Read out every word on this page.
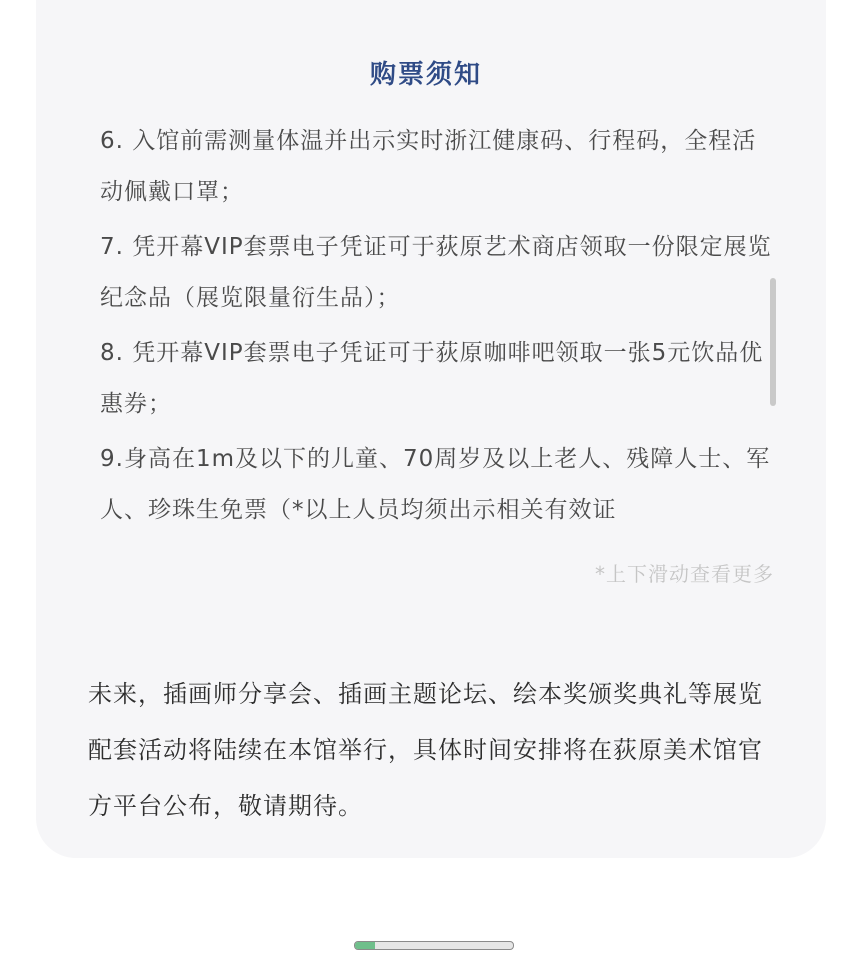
购票须知

6. 入馆前需测量体温并出示实时浙江健康码、行程码，全程活动佩戴口罩；

7. 凭开幕VIP套票电子凭证可于荻原艺术商店领取一份限定展览纪念品（展览限量衍生品）；

8. 凭开幕VIP套票电子凭证可于荻原咖啡吧领取一张5元饮品优惠券；

9.身高在1m及以下的儿童、70周岁及以上老人、残障人士、军人、珍珠生免票（*以上人员均须出示相关有效证

*上下滑动查看更多
未来，插画师分享会、插画主题论坛、绘本奖颁奖典礼等展览配套活动将陆续在本馆举行，具体时间安排将在荻原美术馆官方平台公布，敬请期待。
